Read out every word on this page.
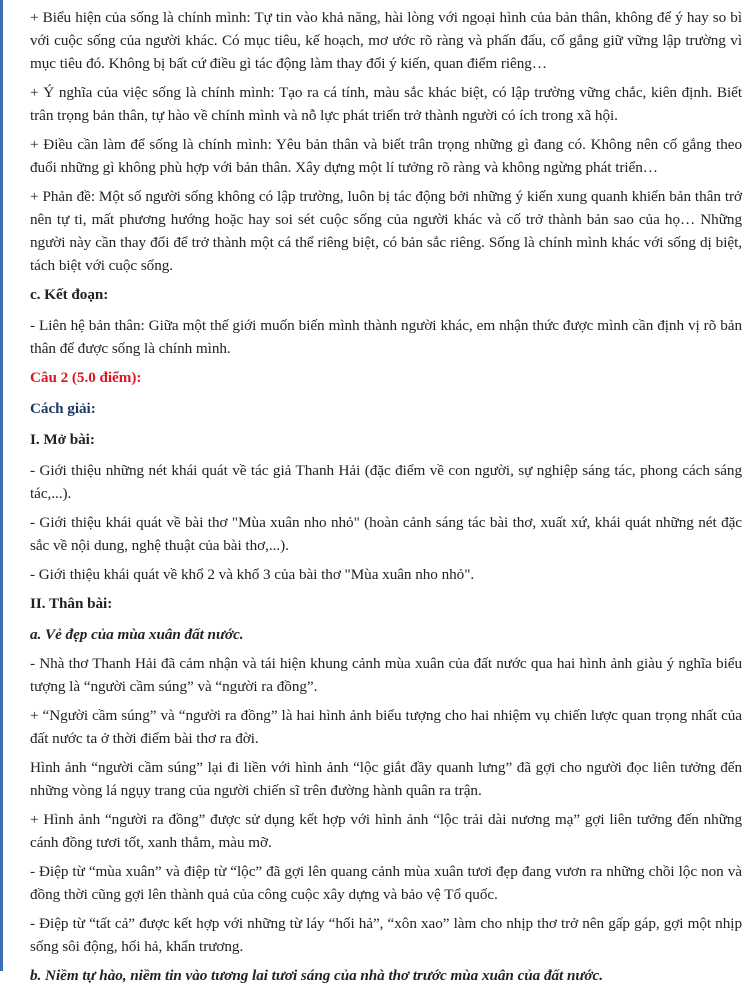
+ Biểu hiện của sống là chính mình: Tự tin vào khả năng, hài lòng với ngoại hình của bản thân, không để ý hay so bì với cuộc sống của người khác. Có mục tiêu, kế hoạch, mơ ước rõ ràng và phấn đấu, cố gắng giữ vững lập trường vì mục tiêu đó. Không bị bất cứ điều gì tác động làm thay đổi ý kiến, quan điểm riêng…

+ Ý nghĩa của việc sống là chính mình: Tạo ra cá tính, màu sắc khác biệt, có lập trường vững chắc, kiên định. Biết trân trọng bản thân, tự hào về chính mình và nỗ lực phát triển trở thành người có ích trong xã hội.

+ Điều cần làm để sống là chính mình: Yêu bản thân và biết trân trọng những gì đang có. Không nên cố gắng theo đuổi những gì không phù hợp với bản thân. Xây dựng một lí tưởng rõ ràng và không ngừng phát triển…

+ Phản đề: Một số người sống không có lập trường, luôn bị tác động bởi những ý kiến xung quanh khiến bản thân trở nên tự ti, mất phương hướng hoặc hay soi sét cuộc sống của người khác và cố trở thành bản sao của họ… Những người này cần thay đổi để trở thành một cá thể riêng biệt, có bản sắc riêng. Sống là chính mình khác với sống dị biệt, tách biệt với cuộc sống.

c. Kết đoạn:

- Liên hệ bản thân: Giữa một thế giới muốn biến mình thành người khác, em nhận thức được mình cần định vị rõ bản thân để được sống là chính mình.

Câu 2 (5.0 điểm):

Cách giải:

I. Mở bài:

- Giới thiệu những nét khái quát về tác giả Thanh Hải (đặc điểm về con người, sự nghiệp sáng tác, phong cách sáng tác,...).

- Giới thiệu khái quát về bài thơ "Mùa xuân nho nhỏ" (hoàn cảnh sáng tác bài thơ, xuất xứ, khái quát những nét đặc sắc về nội dung, nghệ thuật của bài thơ,...).

- Giới thiệu khái quát về khổ 2 và khổ 3 của bài thơ "Mùa xuân nho nhỏ".

II. Thân bài:

a. Vẻ đẹp của mùa xuân đất nước.

- Nhà thơ Thanh Hải đã cảm nhận và tái hiện khung cảnh mùa xuân của đất nước qua hai hình ảnh giàu ý nghĩa biểu tượng là “người cầm súng” và “người ra đồng”.

+ “Người cầm súng” và “người ra đồng” là hai hình ảnh biểu tượng cho hai nhiệm vụ chiến lược quan trọng nhất của đất nước ta ở thời điểm bài thơ ra đời.

Hình ảnh “người cầm súng” lại đi liền với hình ảnh “lộc giắt đầy quanh lưng” đã gợi cho người đọc liên tưởng đến những vòng lá ngụy trang của người chiến sĩ trên đường hành quân ra trận.

+ Hình ảnh “người ra đồng” được sử dụng kết hợp với hình ảnh “lộc trải dài nương mạ” gợi liên tưởng đến những cánh đồng tươi tốt, xanh thẳm, màu mỡ.

- Điệp từ “mùa xuân” và điệp từ “lộc” đã gợi lên quang cảnh mùa xuân tươi đẹp đang vươn ra những chồi lộc non và đồng thời cũng gợi lên thành quả của công cuộc xây dựng và bảo vệ Tổ quốc.

- Điệp từ “tất cả” được kết hợp với những từ láy “hối hả”, “xôn xao” làm cho nhịp thơ trở nên gấp gáp, gợi một nhịp sống sôi động, hối hả, khẩn trương.

b. Niềm tự hào, niềm tin vào tương lai tươi sáng của nhà thơ trước mùa xuân của đất nước.
